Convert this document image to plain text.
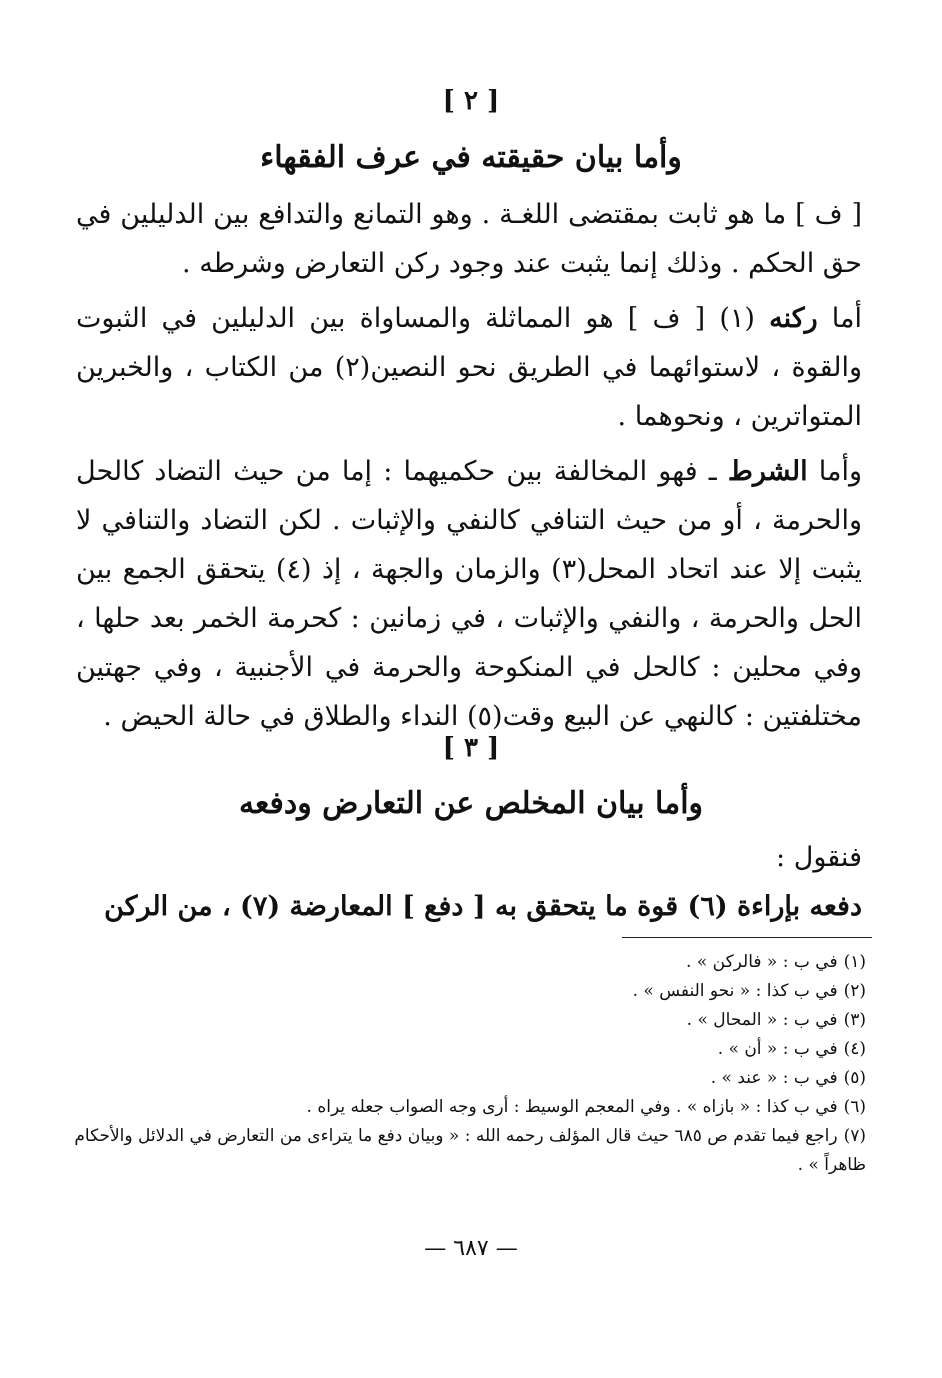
[ ٢ ]
وأما بيان حقيقته في عرف الفقهاء

[ ف ] ما هو ثابت بمقتضى اللغـة . وهو التمانع والتدافع بين الدليلين في حق الحكم . وذلك إنما يثبت عند وجود ركن التعارض وشرطه .

أما ركنه (١) [ ف ] هو المماثلة والمساواة بين الدليلين في الثبوت والقوة ، لاستوائهما في الطريق نحو النصين(٢) من الكتاب ، والخبرين المتواترين ، ونحوهما .

وأما الشرط ـ فهو المخالفة بين حكميهما : إما من حيث التضاد كالحل والحرمة ، أو من حيث التنافي كالنفي والإثبات . لكن التضاد والتنافي لا يثبت إلا عند اتحاد المحل(٣) والزمان والجهة ، إذ (٤) يتحقق الجمع بين الحل والحرمة ، والنفي والإثبات ، في زمانين : كحرمة الخمر بعد حلها ، وفي محلين : كالحل في المنكوحة والحرمة في الأجنبية ، وفي جهتين مختلفتين : كالنهي عن البيع وقت(٥) النداء والطلاق في حالة الحيض .

[ ٣ ]
وأما بيان المخلص عن التعارض ودفعه

فنقول :

دفعه بإراءة (٦) قوة ما يتحقق به [ دفع ] المعارضة (٧) ، من الركن

(١)في ب : « فالركن » .
(٢)في ب كذا : « نحو النفس » .
(٣)في ب : « المحال » .
(٤)في ب : « أن » .
(٥)في ب : « عند » .
(٦)في ب كذا : « بازاه » . وفي المعجم الوسيط : أرى وجه الصواب جعله يراه .
(٧)راجع فيما تقدم ص ٦٨٥ حيث قال المؤلف رحمه الله : « وبيان دفع ما يتراءى من التعارض في الدلائل والأحكام ظاهراً » .
— ٦٨٧ —
